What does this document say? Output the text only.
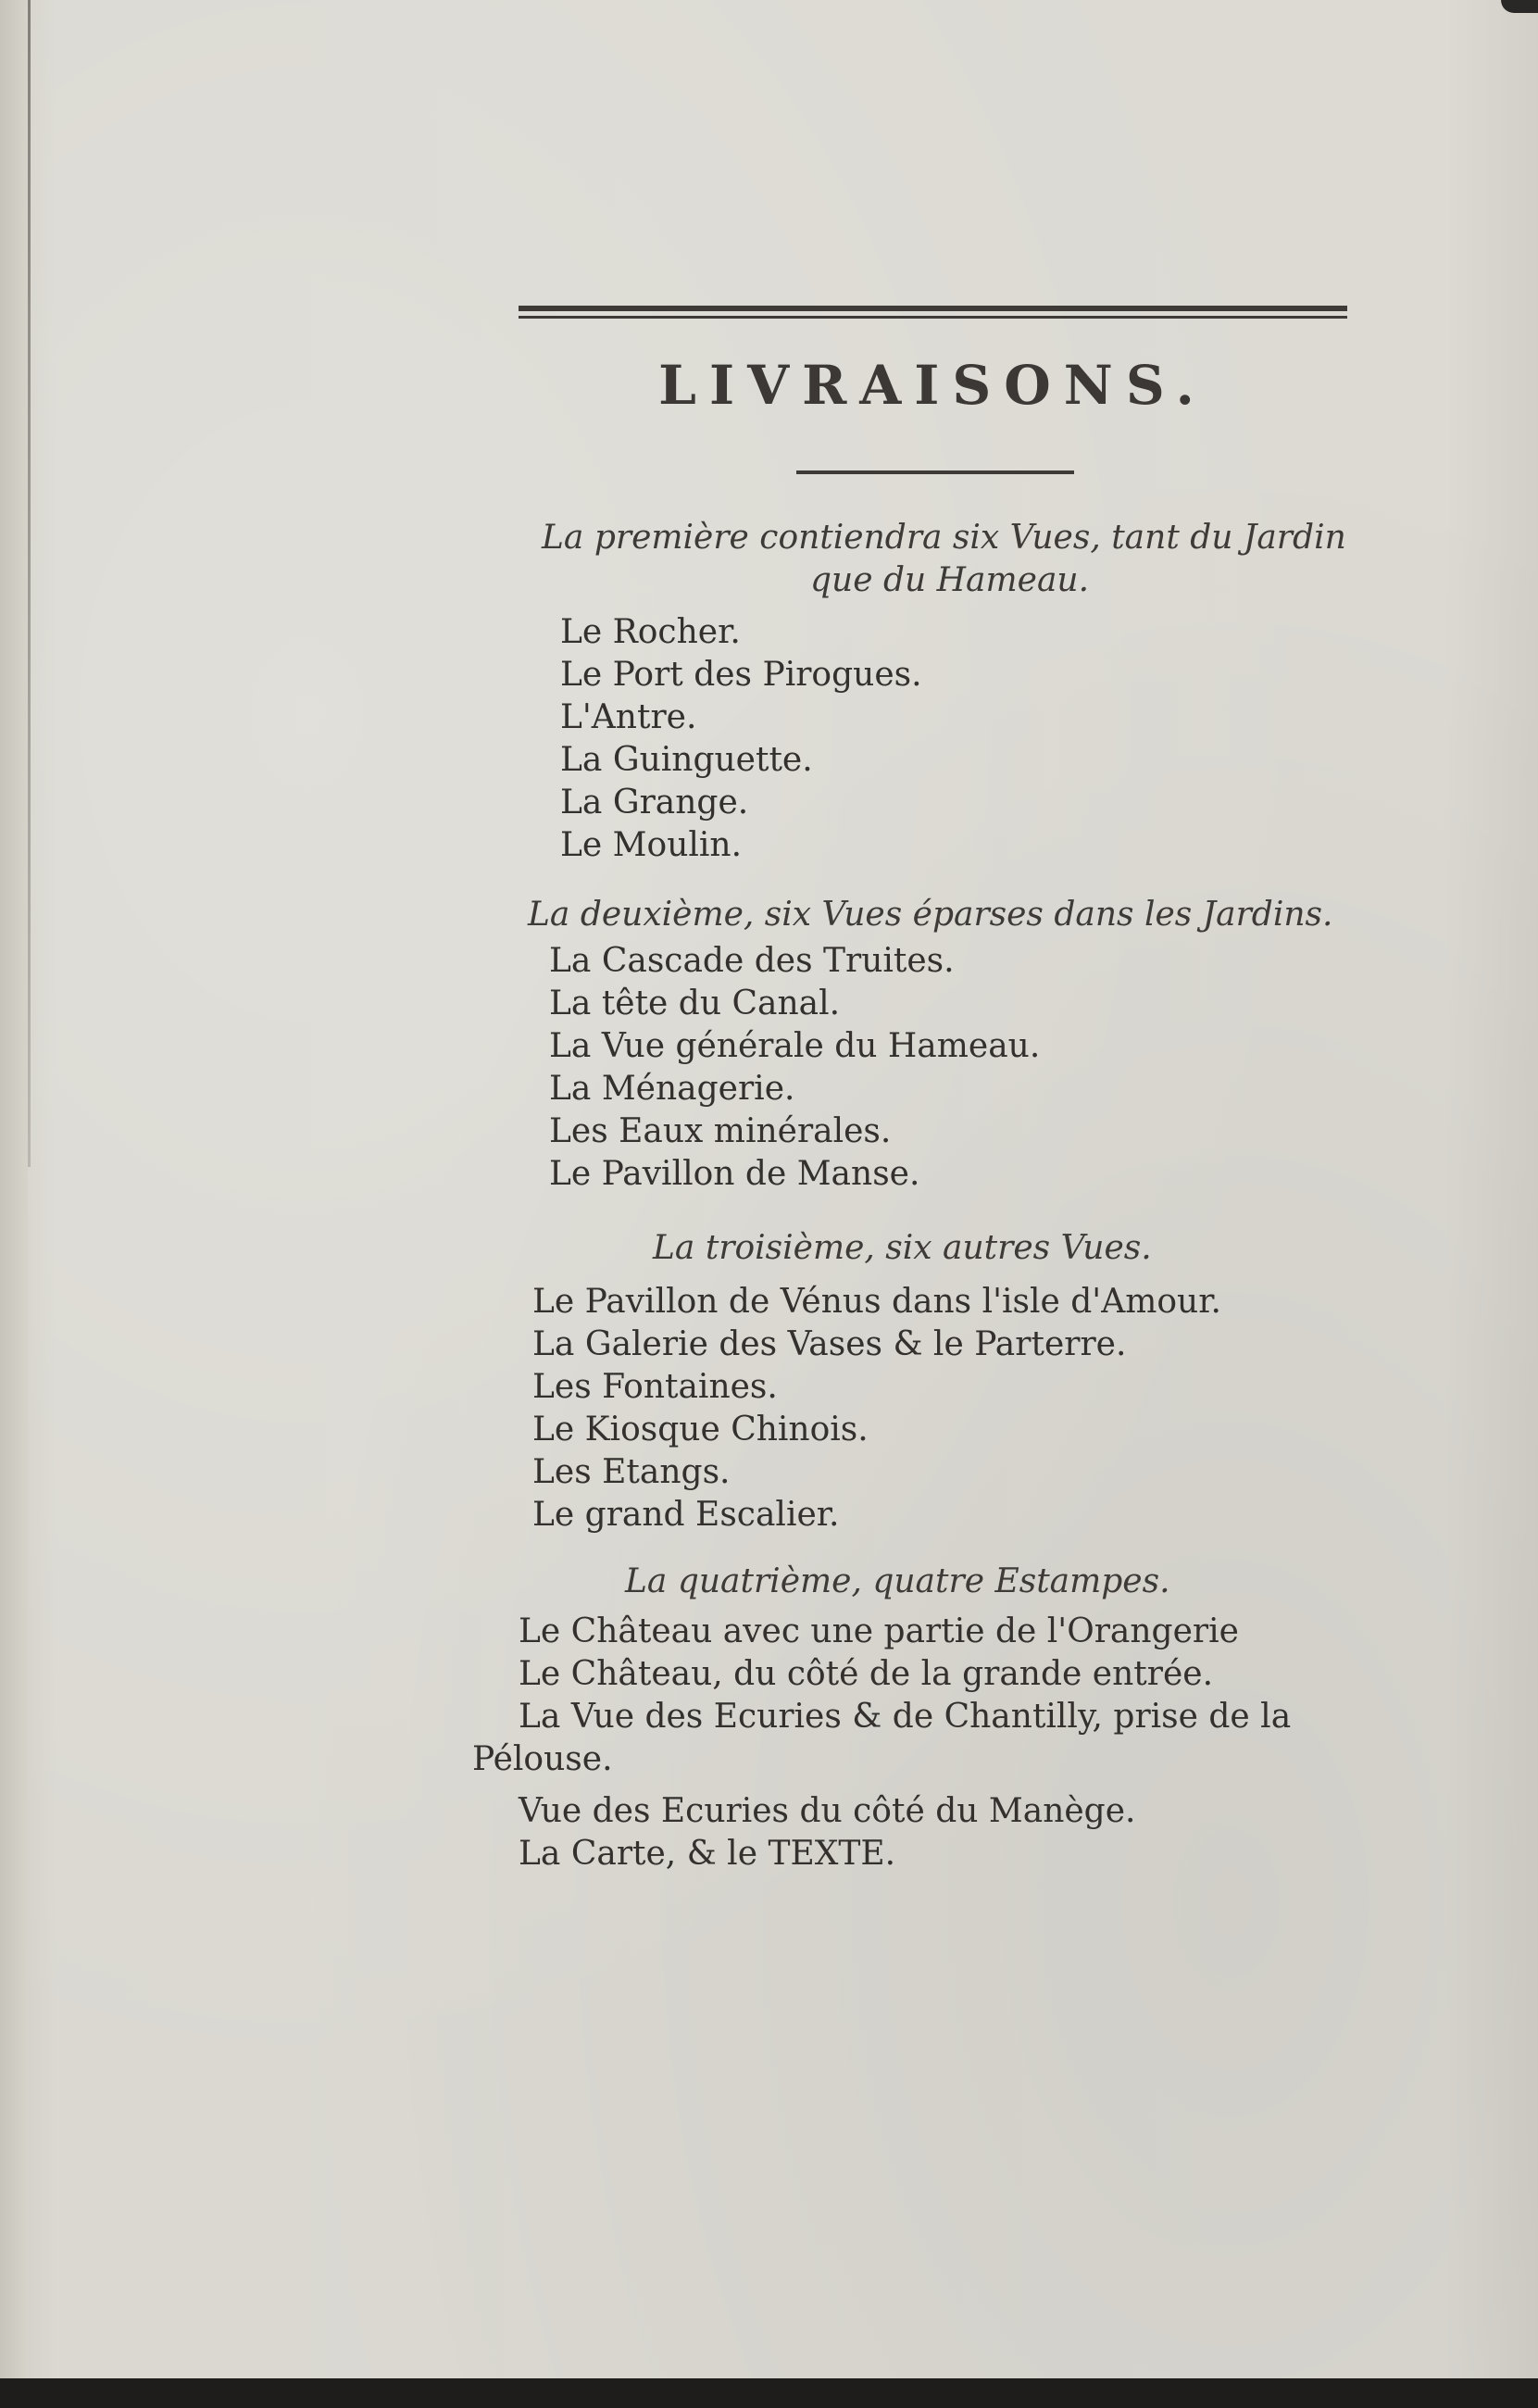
LIVRAISONS.

La première contiendra six Vues, tant du Jardin
que du Hameau.

Le Rocher.
Le Port des Pirogues.
L'Antre.
La Guinguette.
La Grange.
Le Moulin.

La deuxième, six Vues éparses dans les Jardins.

La Cascade des Truites.
La tête du Canal.
La Vue générale du Hameau.
La Ménagerie.
Les Eaux minérales.
Le Pavillon de Manse.

La troisième, six autres Vues.

Le Pavillon de Vénus dans l'isle d'Amour.
La Galerie des Vases & le Parterre.
Les Fontaines.
Le Kiosque Chinois.
Les Etangs.
Le grand Escalier.

La quatrième, quatre Estampes.

Le Château avec une partie de l'Orangerie
Le Château, du côté de la grande entrée.
La Vue des Ecuries & de Chantilly, prise de la
Pélouse.
Vue des Ecuries du côté du Manège.
La Carte, & le TEXTE.
